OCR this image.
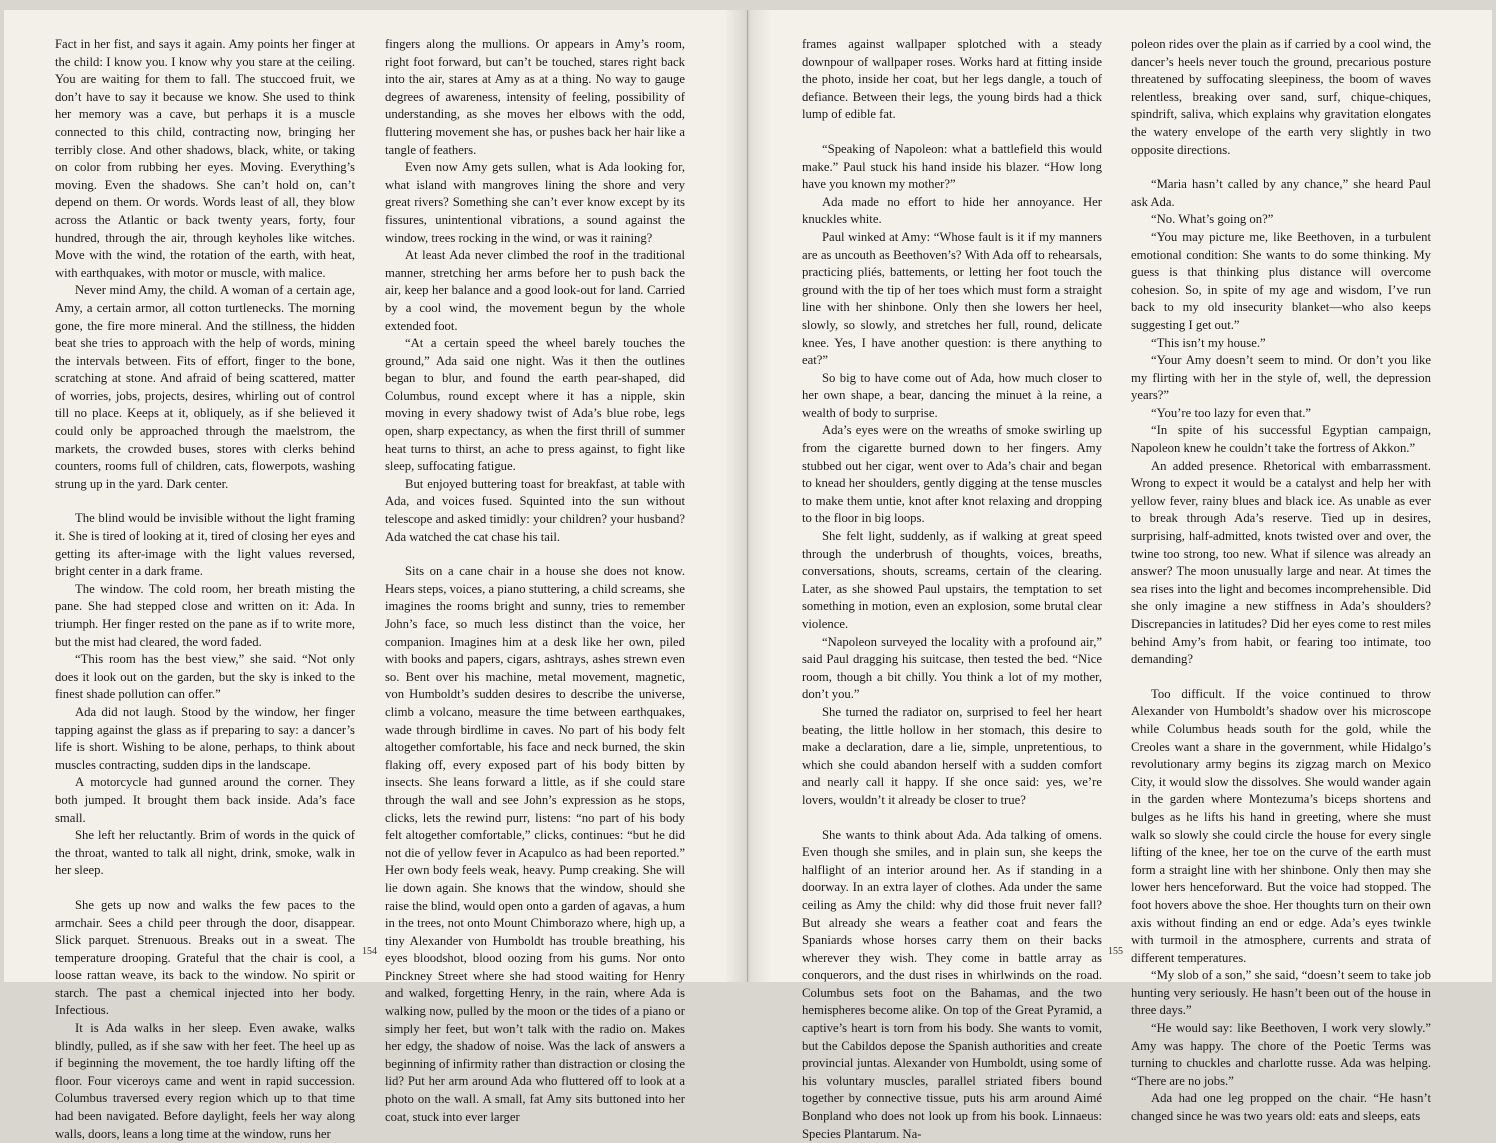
Fact in her fist, and says it again. Amy points her finger at the child: I know you. I know why you stare at the ceiling. You are waiting for them to fall. The stuccoed fruit, we don’t have to say it because we know. She used to think her memory was a cave, but perhaps it is a muscle connected to this child, contracting now, bringing her terribly close. And other shadows, black, white, or taking on color from rubbing her eyes. Moving. Everything’s moving. Even the shadows. She can’t hold on, can’t depend on them. Or words. Words least of all, they blow across the Atlantic or back twenty years, forty, four hundred, through the air, through keyholes like witches. Move with the wind, the rotation of the earth, with heat, with earthquakes, with motor or muscle, with malice.

Never mind Amy, the child. A woman of a certain age, Amy, a certain armor, all cotton turtlenecks. The morning gone, the fire more mineral. And the stillness, the hidden beat she tries to approach with the help of words, mining the intervals between. Fits of effort, finger to the bone, scratching at stone. And afraid of being scattered, matter of worries, jobs, projects, desires, whirling out of control till no place. Keeps at it, obliquely, as if she believed it could only be approached through the maelstrom, the markets, the crowded buses, stores with clerks behind counters, rooms full of children, cats, flowerpots, washing strung up in the yard. Dark center.

The blind would be invisible without the light framing it. She is tired of looking at it, tired of closing her eyes and getting its after-image with the light values reversed, bright center in a dark frame.

The window. The cold room, her breath misting the pane. She had stepped close and written on it: Ada. In triumph. Her finger rested on the pane as if to write more, but the mist had cleared, the word faded.

“This room has the best view,” she said. “Not only does it look out on the garden, but the sky is inked to the finest shade pollution can offer.”

Ada did not laugh. Stood by the window, her finger tapping against the glass as if preparing to say: a dancer’s life is short. Wishing to be alone, perhaps, to think about muscles contracting, sudden dips in the landscape.

A motorcycle had gunned around the corner. They both jumped. It brought them back inside. Ada’s face small.

She left her reluctantly. Brim of words in the quick of the throat, wanted to talk all night, drink, smoke, walk in her sleep.

She gets up now and walks the few paces to the armchair. Sees a child peer through the door, disappear. Slick parquet. Strenuous. Breaks out in a sweat. The temperature drooping. Grateful that the chair is cool, a loose rattan weave, its back to the window. No spirit or starch. The past a chemical injected into her body. Infectious.

It is Ada walks in her sleep. Even awake, walks blindly, pulled, as if she saw with her feet. The heel up as if beginning the movement, the toe hardly lifting off the floor. Four viceroys came and went in rapid succession. Columbus traversed every region which up to that time had been navigated. Before daylight, feels her way along walls, doors, leans a long time at the window, runs her

fingers along the mullions. Or appears in Amy’s room, right foot forward, but can’t be touched, stares right back into the air, stares at Amy as at a thing. No way to gauge degrees of awareness, intensity of feeling, possibility of understanding, as she moves her elbows with the odd, fluttering movement she has, or pushes back her hair like a tangle of feathers.

Even now Amy gets sullen, what is Ada looking for, what island with mangroves lining the shore and very great rivers? Something she can’t ever know except by its fissures, unintentional vibrations, a sound against the window, trees rocking in the wind, or was it raining?

At least Ada never climbed the roof in the traditional manner, stretching her arms before her to push back the air, keep her balance and a good look-out for land. Carried by a cool wind, the movement begun by the whole extended foot.

“At a certain speed the wheel barely touches the ground,” Ada said one night. Was it then the outlines began to blur, and found the earth pear-shaped, did Columbus, round except where it has a nipple, skin moving in every shadowy twist of Ada’s blue robe, legs open, sharp expectancy, as when the first thrill of summer heat turns to thirst, an ache to press against, to fight like sleep, suffocating fatigue.

But enjoyed buttering toast for breakfast, at table with Ada, and voices fused. Squinted into the sun without telescope and asked timidly: your children? your husband? Ada watched the cat chase his tail.

Sits on a cane chair in a house she does not know. Hears steps, voices, a piano stuttering, a child screams, she imagines the rooms bright and sunny, tries to remember John’s face, so much less distinct than the voice, her companion. Imagines him at a desk like her own, piled with books and papers, cigars, ashtrays, ashes strewn even so. Bent over his machine, metal movement, magnetic, von Humboldt’s sudden desires to describe the universe, climb a volcano, measure the time between earthquakes, wade through birdlime in caves. No part of his body felt altogether comfortable, his face and neck burned, the skin flaking off, every exposed part of his body bitten by insects. She leans forward a little, as if she could stare through the wall and see John’s expression as he stops, clicks, lets the rewind purr, listens: “no part of his body felt altogether comfortable,” clicks, continues: “but he did not die of yellow fever in Acapulco as had been reported.” Her own body feels weak, heavy. Pump creaking. She will lie down again. She knows that the window, should she raise the blind, would open onto a garden of agavas, a hum in the trees, not onto Mount Chimborazo where, high up, a tiny Alexander von Humboldt has trouble breathing, his eyes bloodshot, blood oozing from his gums. Nor onto Pinckney Street where she had stood waiting for Henry and walked, forgetting Henry, in the rain, where Ada is walking now, pulled by the moon or the tides of a piano or simply her feet, but won’t talk with the radio on. Makes her edgy, the shadow of noise. Was the lack of answers a beginning of infirmity rather than distraction or closing the lid? Put her arm around Ada who fluttered off to look at a photo on the wall. A small, fat Amy sits buttoned into her coat, stuck into ever larger

frames against wallpaper splotched with a steady downpour of wallpaper roses. Works hard at fitting inside the photo, inside her coat, but her legs dangle, a touch of defiance. Between their legs, the young birds had a thick lump of edible fat.

“Speaking of Napoleon: what a battlefield this would make.” Paul stuck his hand inside his blazer. “How long have you known my mother?”

Ada made no effort to hide her annoyance. Her knuckles white.

Paul winked at Amy: “Whose fault is it if my manners are as uncouth as Beethoven’s? With Ada off to rehearsals, practicing pliés, battements, or letting her foot touch the ground with the tip of her toes which must form a straight line with her shinbone. Only then she lowers her heel, slowly, so slowly, and stretches her full, round, delicate knee. Yes, I have another question: is there anything to eat?”

So big to have come out of Ada, how much closer to her own shape, a bear, dancing the minuet à la reine, a wealth of body to surprise.

Ada’s eyes were on the wreaths of smoke swirling up from the cigarette burned down to her fingers. Amy stubbed out her cigar, went over to Ada’s chair and began to knead her shoulders, gently digging at the tense muscles to make them untie, knot after knot relaxing and dropping to the floor in big loops.

She felt light, suddenly, as if walking at great speed through the underbrush of thoughts, voices, breaths, conversations, shouts, screams, certain of the clearing. Later, as she showed Paul upstairs, the temptation to set something in motion, even an explosion, some brutal clear violence.

“Napoleon surveyed the locality with a profound air,” said Paul dragging his suitcase, then tested the bed. “Nice room, though a bit chilly. You think a lot of my mother, don’t you.”

She turned the radiator on, surprised to feel her heart beating, the little hollow in her stomach, this desire to make a declaration, dare a lie, simple, unpretentious, to which she could abandon herself with a sudden comfort and nearly call it happy. If she once said: yes, we’re lovers, wouldn’t it already be closer to true?

She wants to think about Ada. Ada talking of omens. Even though she smiles, and in plain sun, she keeps the halflight of an interior around her. As if standing in a doorway. In an extra layer of clothes. Ada under the same ceiling as Amy the child: why did those fruit never fall? But already she wears a feather coat and fears the Spaniards whose horses carry them on their backs wherever they wish. They come in battle array as conquerors, and the dust rises in whirlwinds on the road. Columbus sets foot on the Bahamas, and the two hemispheres become alike. On top of the Great Pyramid, a captive’s heart is torn from his body. She wants to vomit, but the Cabildos depose the Spanish authorities and create provincial juntas. Alexander von Humboldt, using some of his voluntary muscles, parallel striated fibers bound together by connective tissue, puts his arm around Aimé Bonpland who does not look up from his book. Linnaeus: Species Plantarum. Na-

poleon rides over the plain as if carried by a cool wind, the dancer’s heels never touch the ground, precarious posture threatened by suffocating sleepiness, the boom of waves relentless, breaking over sand, surf, chique-chiques, spindrift, saliva, which explains why gravitation elongates the watery envelope of the earth very slightly in two opposite directions.

“Maria hasn’t called by any chance,” she heard Paul ask Ada.

“No. What’s going on?”

“You may picture me, like Beethoven, in a turbulent emotional condition: She wants to do some thinking. My guess is that thinking plus distance will overcome cohesion. So, in spite of my age and wisdom, I’ve run back to my old insecurity blanket—who also keeps suggesting I get out.”

“This isn’t my house.”

“Your Amy doesn’t seem to mind. Or don’t you like my flirting with her in the style of, well, the depression years?”

“You’re too lazy for even that.”

“In spite of his successful Egyptian campaign, Napoleon knew he couldn’t take the fortress of Akkon.”

An added presence. Rhetorical with embarrassment. Wrong to expect it would be a catalyst and help her with yellow fever, rainy blues and black ice. As unable as ever to break through Ada’s reserve. Tied up in desires, surprising, half-admitted, knots twisted over and over, the twine too strong, too new. What if silence was already an answer? The moon unusually large and near. At times the sea rises into the light and becomes incomprehensible. Did she only imagine a new stiffness in Ada’s shoulders? Discrepancies in latitudes? Did her eyes come to rest miles behind Amy’s from habit, or fearing too intimate, too demanding?

Too difficult. If the voice continued to throw Alexander von Humboldt’s shadow over his microscope while Columbus heads south for the gold, while the Creoles want a share in the government, while Hidalgo’s revolutionary army begins its zigzag march on Mexico City, it would slow the dissolves. She would wander again in the garden where Montezuma’s biceps shortens and bulges as he lifts his hand in greeting, where she must walk so slowly she could circle the house for every single lifting of the knee, her toe on the curve of the earth must form a straight line with her shinbone. Only then may she lower hers henceforward. But the voice had stopped. The foot hovers above the shoe. Her thoughts turn on their own axis without finding an end or edge. Ada’s eyes twinkle with turmoil in the atmosphere, currents and strata of different temperatures.

“My slob of a son,” she said, “doesn’t seem to take job hunting very seriously. He hasn’t been out of the house in three days.”

“He would say: like Beethoven, I work very slowly.” Amy was happy. The chore of the Poetic Terms was turning to chuckles and charlotte russe. Ada was helping. “There are no jobs.”

Ada had one leg propped on the chair. “He hasn’t changed since he was two years old: eats and sleeps, eats

154	155
